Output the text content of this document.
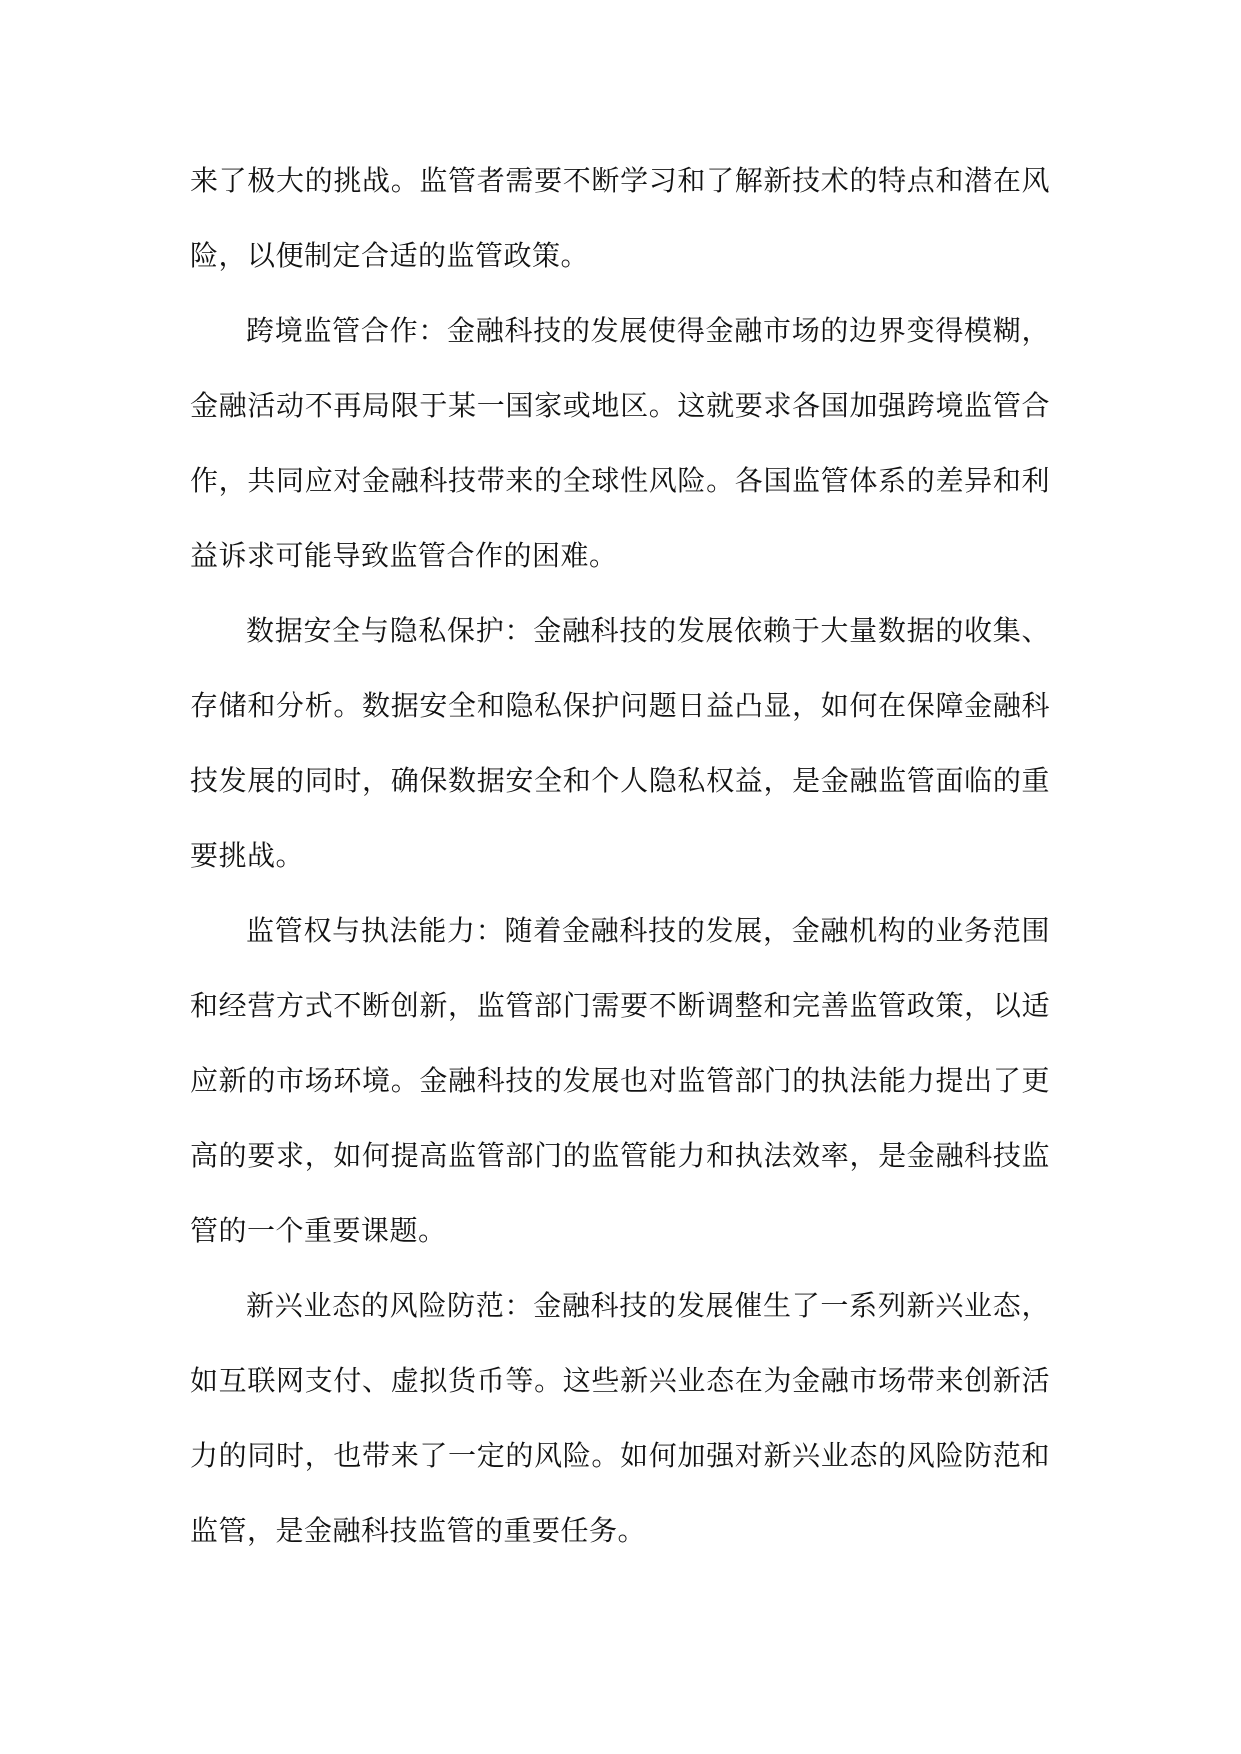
来了极大的挑战。监管者需要不断学习和了解新技术的特点和潜在风
险，以便制定合适的监管政策。

跨境监管合作：金融科技的发展使得金融市场的边界变得模糊，
金融活动不再局限于某一国家或地区。这就要求各国加强跨境监管合
作，共同应对金融科技带来的全球性风险。各国监管体系的差异和利
益诉求可能导致监管合作的困难。

数据安全与隐私保护：金融科技的发展依赖于大量数据的收集、
存储和分析。数据安全和隐私保护问题日益凸显，如何在保障金融科
技发展的同时，确保数据安全和个人隐私权益，是金融监管面临的重
要挑战。

监管权与执法能力：随着金融科技的发展，金融机构的业务范围
和经营方式不断创新，监管部门需要不断调整和完善监管政策，以适
应新的市场环境。金融科技的发展也对监管部门的执法能力提出了更
高的要求，如何提高监管部门的监管能力和执法效率，是金融科技监
管的一个重要课题。

新兴业态的风险防范：金融科技的发展催生了一系列新兴业态，
如互联网支付、虚拟货币等。这些新兴业态在为金融市场带来创新活
力的同时，也带来了一定的风险。如何加强对新兴业态的风险防范和
监管，是金融科技监管的重要任务。
